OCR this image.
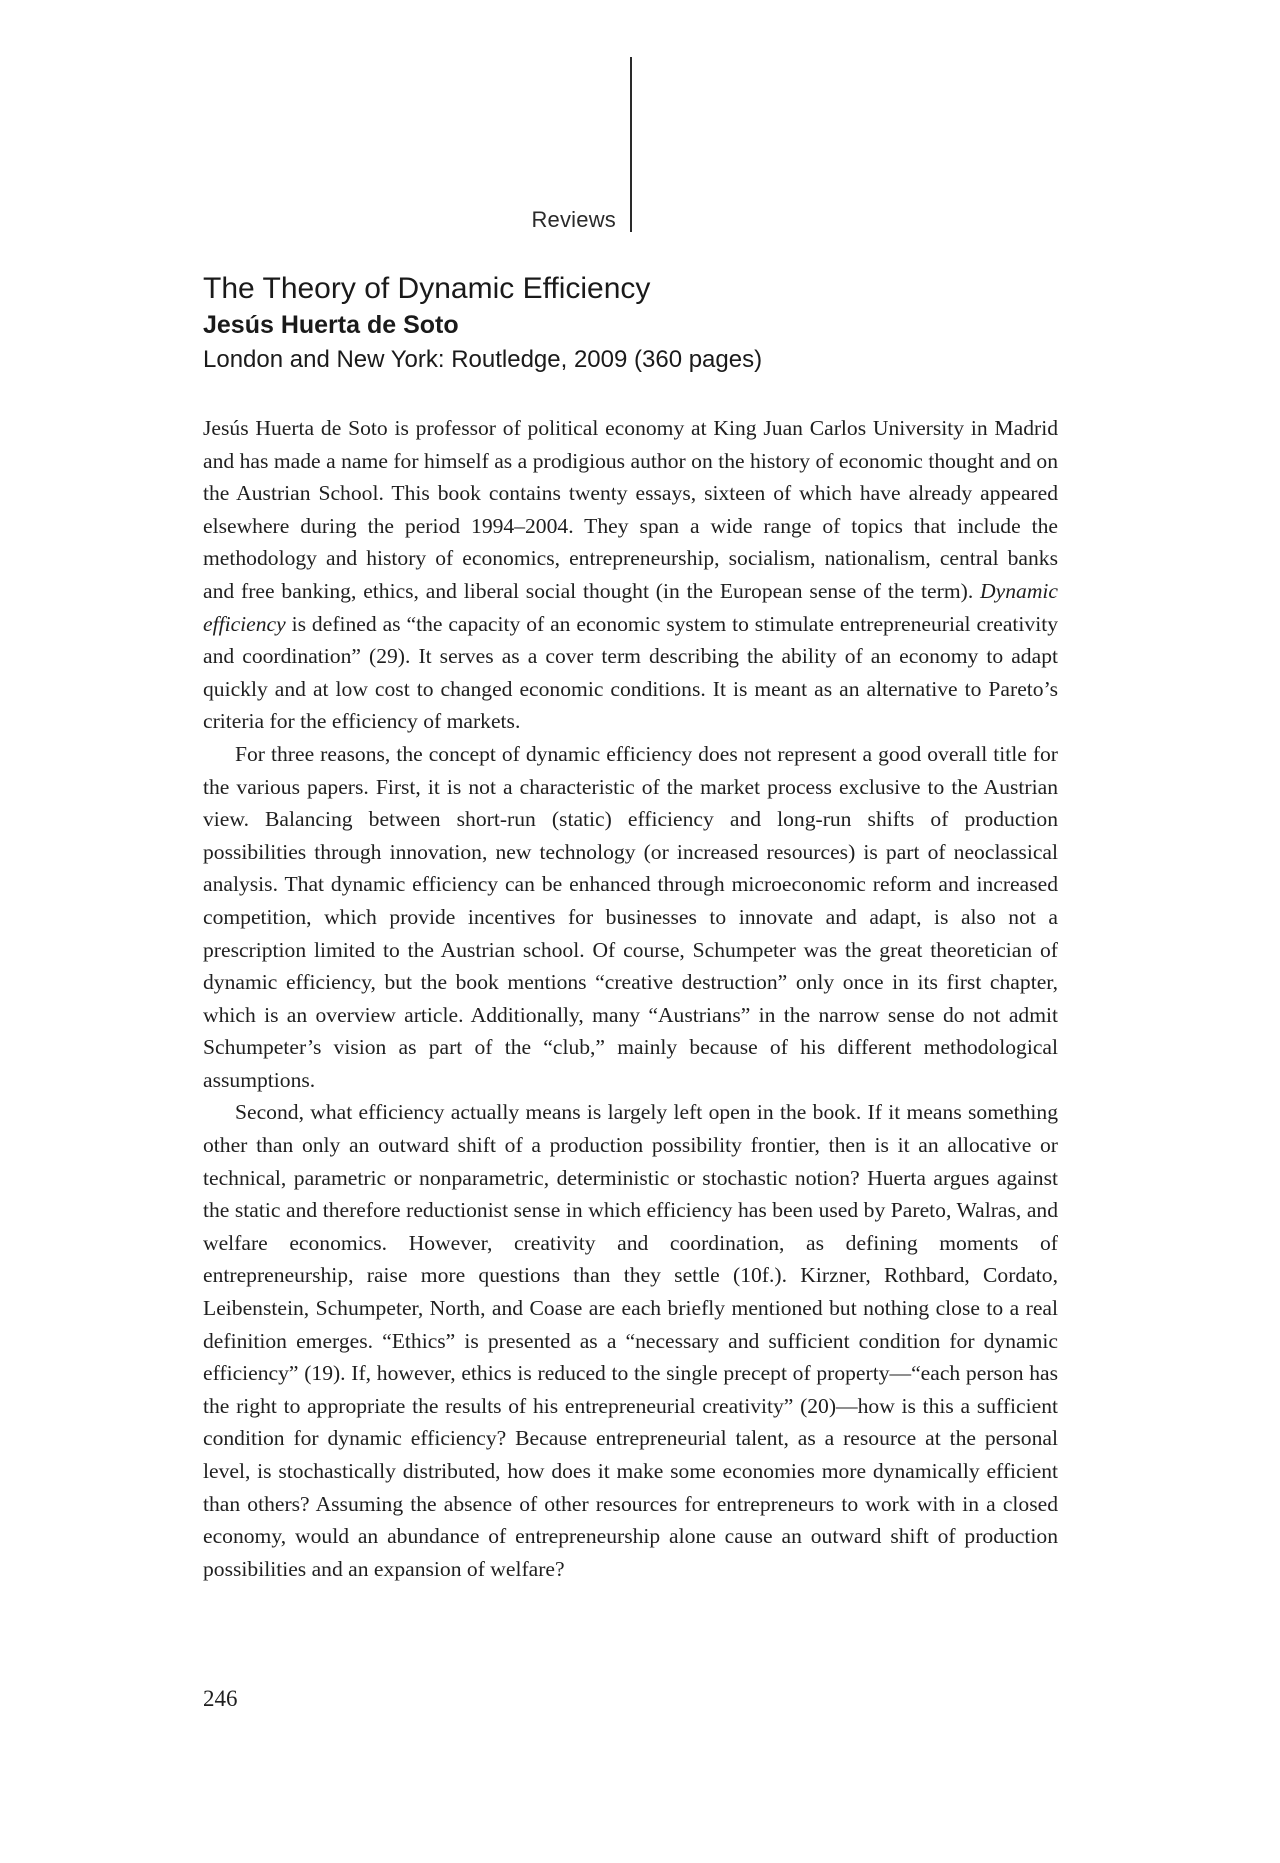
Reviews
The Theory of Dynamic Efficiency
Jesús Huerta de Soto
London and New York: Routledge, 2009 (360 pages)

Jesús Huerta de Soto is professor of political economy at King Juan Carlos University in Madrid and has made a name for himself as a prodigious author on the history of economic thought and on the Austrian School. This book contains twenty essays, sixteen of which have already appeared elsewhere during the period 1994–2004. They span a wide range of topics that include the methodology and history of economics, entrepreneurship, socialism, nationalism, central banks and free banking, ethics, and liberal social thought (in the European sense of the term). Dynamic efficiency is defined as “the capacity of an economic system to stimulate entrepreneurial creativity and coordination” (29). It serves as a cover term describing the ability of an economy to adapt quickly and at low cost to changed economic conditions. It is meant as an alternative to Pareto’s criteria for the efficiency of markets.

For three reasons, the concept of dynamic efficiency does not represent a good overall title for the various papers. First, it is not a characteristic of the market process exclusive to the Austrian view. Balancing between short-run (static) efficiency and long-run shifts of production possibilities through innovation, new technology (or increased resources) is part of neoclassical analysis. That dynamic efficiency can be enhanced through microeconomic reform and increased competition, which provide incentives for businesses to innovate and adapt, is also not a prescription limited to the Austrian school. Of course, Schumpeter was the great theoretician of dynamic efficiency, but the book mentions “creative destruction” only once in its first chapter, which is an overview article. Additionally, many “Austrians” in the narrow sense do not admit Schumpeter’s vision as part of the “club,” mainly because of his different methodological assumptions.

Second, what efficiency actually means is largely left open in the book. If it means something other than only an outward shift of a production possibility frontier, then is it an allocative or technical, parametric or nonparametric, deterministic or stochastic notion? Huerta argues against the static and therefore reductionist sense in which efficiency has been used by Pareto, Walras, and welfare economics. However, creativity and coordination, as defining moments of entrepreneurship, raise more questions than they settle (10f.). Kirzner, Rothbard, Cordato, Leibenstein, Schumpeter, North, and Coase are each briefly mentioned but nothing close to a real definition emerges. “Ethics” is presented as a “necessary and sufficient condition for dynamic efficiency” (19). If, however, ethics is reduced to the single precept of property—“each person has the right to appropriate the results of his entrepreneurial creativity” (20)—how is this a sufficient condition for dynamic efficiency? Because entrepreneurial talent, as a resource at the personal level, is stochastically distributed, how does it make some economies more dynamically efficient than others? Assuming the absence of other resources for entrepreneurs to work with in a closed economy, would an abundance of entrepreneurship alone cause an outward shift of production possibilities and an expansion of welfare?

246
